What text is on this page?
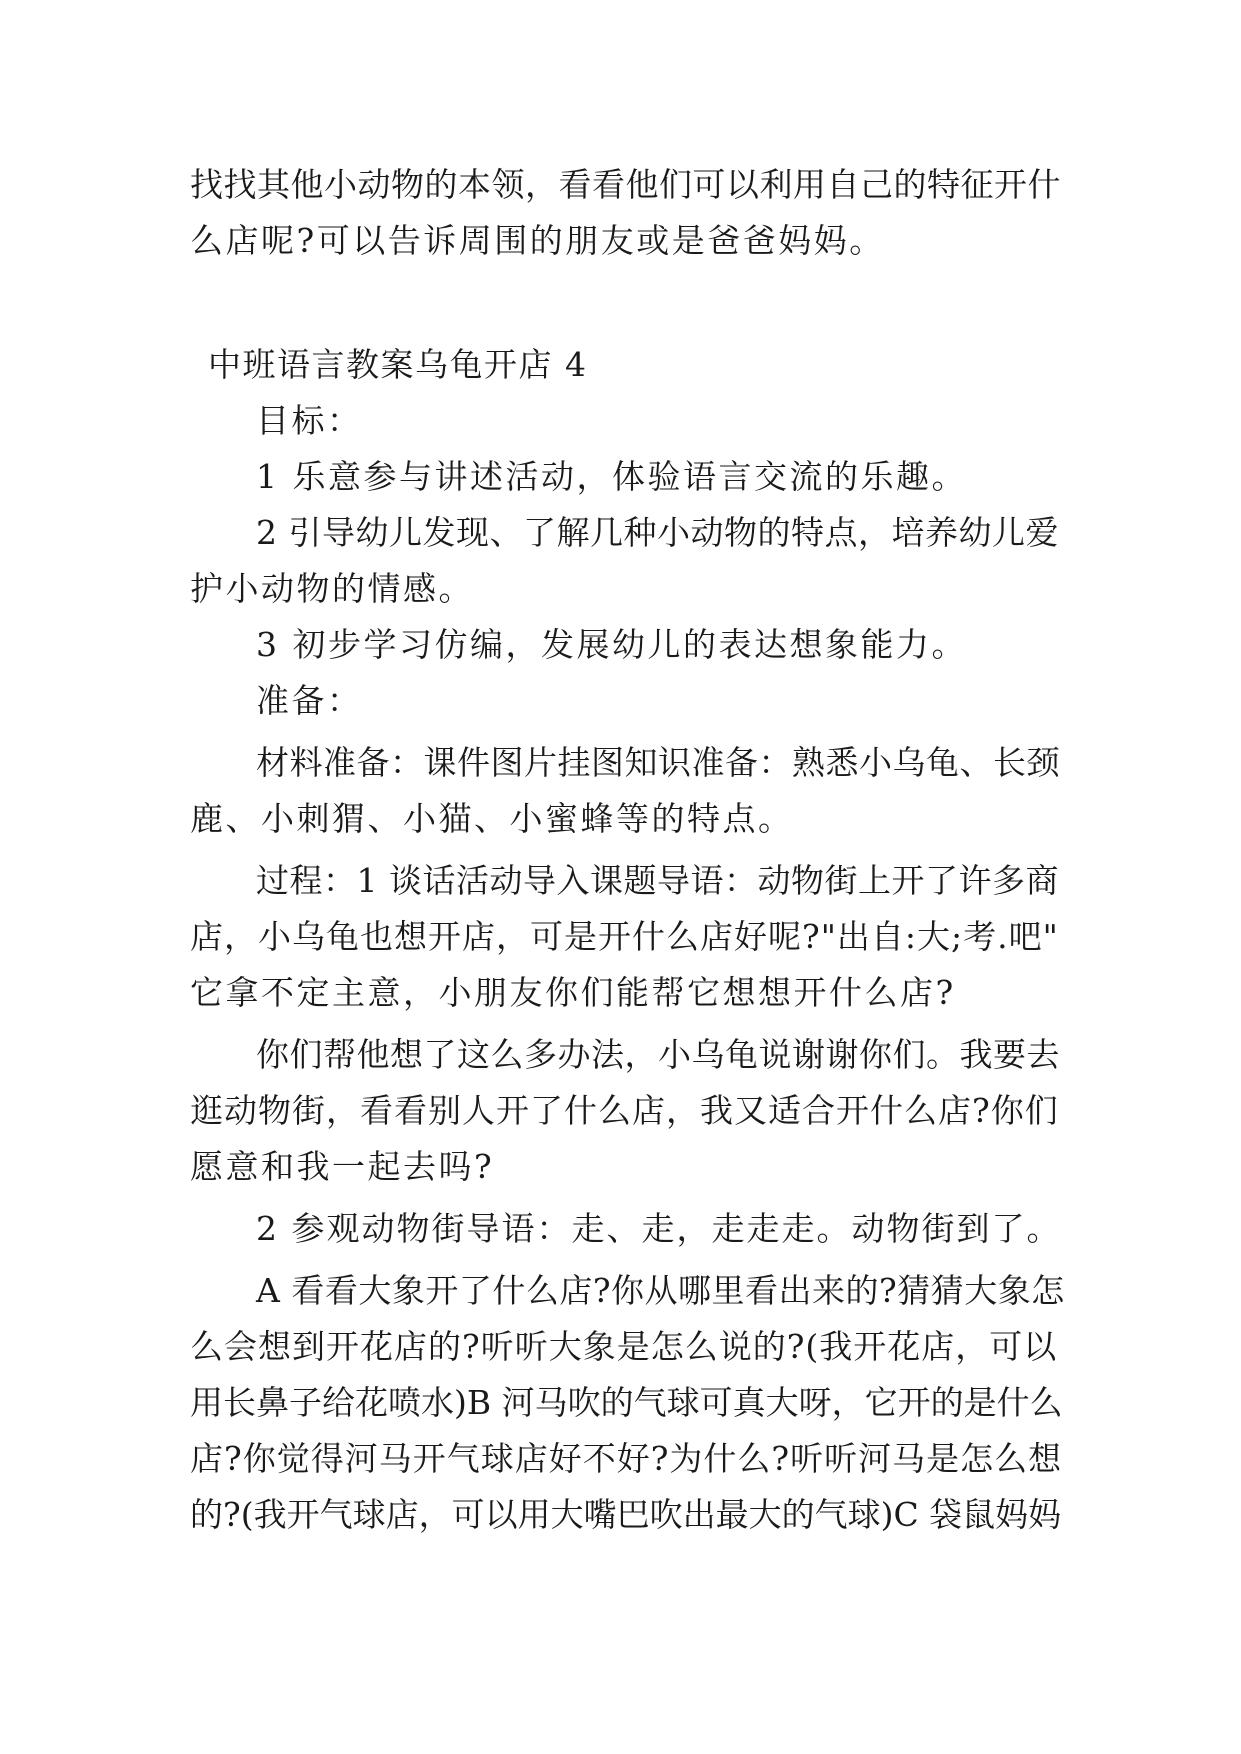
找找其他小动物的本领，看看他们可以利用自己的特征开什
么店呢?可以告诉周围的朋友或是爸爸妈妈。
中班语言教案乌龟开店 4
目标：
1 乐意参与讲述活动，体验语言交流的乐趣。
2 引导幼儿发现、了解几种小动物的特点，培养幼儿爱
护小动物的情感。
3 初步学习仿编，发展幼儿的表达想象能力。
准备：
材料准备：课件图片挂图知识准备：熟悉小乌龟、长颈
鹿、小刺猬、小猫、小蜜蜂等的特点。
过程：1 谈话活动导入课题导语：动物街上开了许多商
店，小乌龟也想开店，可是开什么店好呢?"出自:大;考.吧"
它拿不定主意，小朋友你们能帮它想想开什么店?
你们帮他想了这么多办法，小乌龟说谢谢你们。我要去
逛动物街，看看别人开了什么店，我又适合开什么店?你们
愿意和我一起去吗?
2 参观动物街导语：走、走，走走走。动物街到了。
A 看看大象开了什么店?你从哪里看出来的?猜猜大象怎
么会想到开花店的?听听大象是怎么说的?(我开花店，可以
用长鼻子给花喷水)B 河马吹的气球可真大呀，它开的是什么
店?你觉得河马开气球店好不好?为什么?听听河马是怎么想
的?(我开气球店，可以用大嘴巴吹出最大的气球)C 袋鼠妈妈
